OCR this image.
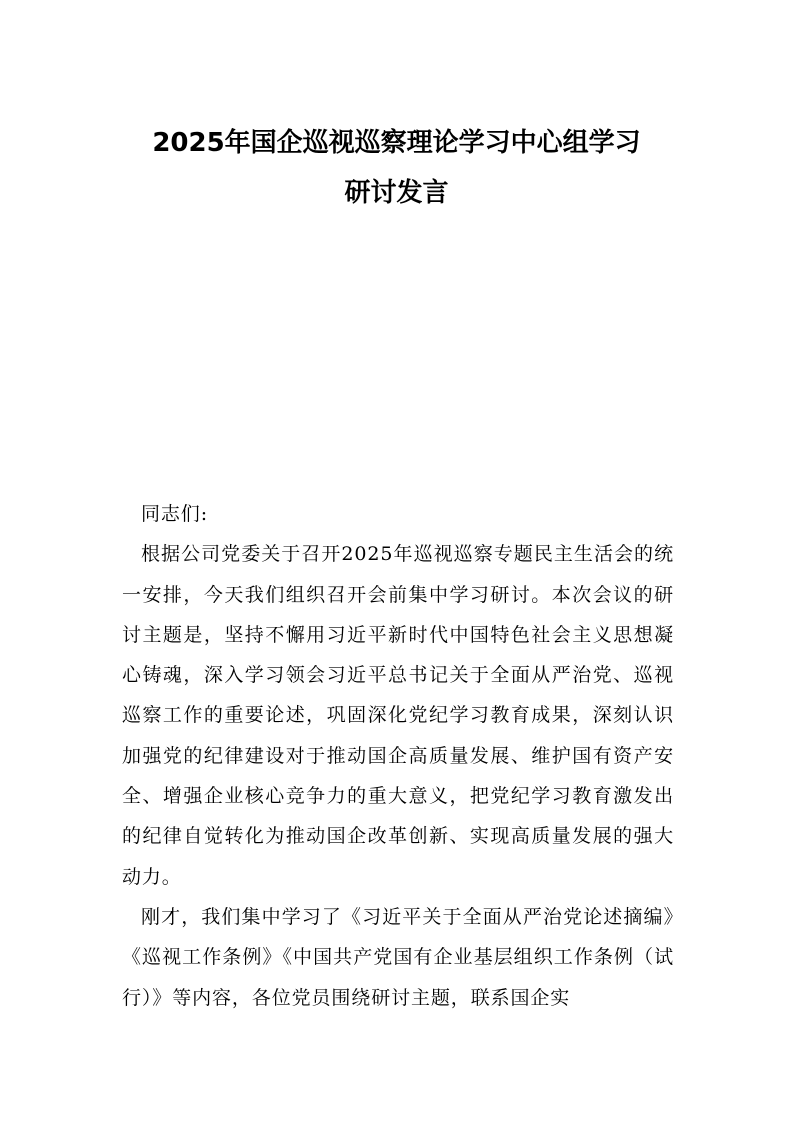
2025年国企巡视巡察理论学习中心组学习
研讨发言

同志们:

根据公司党委关于召开2025年巡视巡察专题民主生活会的统一安排，今天我们组织召开会前集中学习研讨。本次会议的研讨主题是，坚持不懈用习近平新时代中国特色社会主义思想凝心铸魂，深入学习领会习近平总书记关于全面从严治党、巡视巡察工作的重要论述，巩固深化党纪学习教育成果，深刻认识加强党的纪律建设对于推动国企高质量发展、维护国有资产安全、增强企业核心竞争力的重大意义，把党纪学习教育激发出的纪律自觉转化为推动国企改革创新、实现高质量发展的强大动力。

刚才，我们集中学习了《习近平关于全面从严治党论述摘编》《巡视工作条例》《中国共产党国有企业基层组织工作条例（试行）》等内容，各位党员围绕研讨主题，联系国企实
